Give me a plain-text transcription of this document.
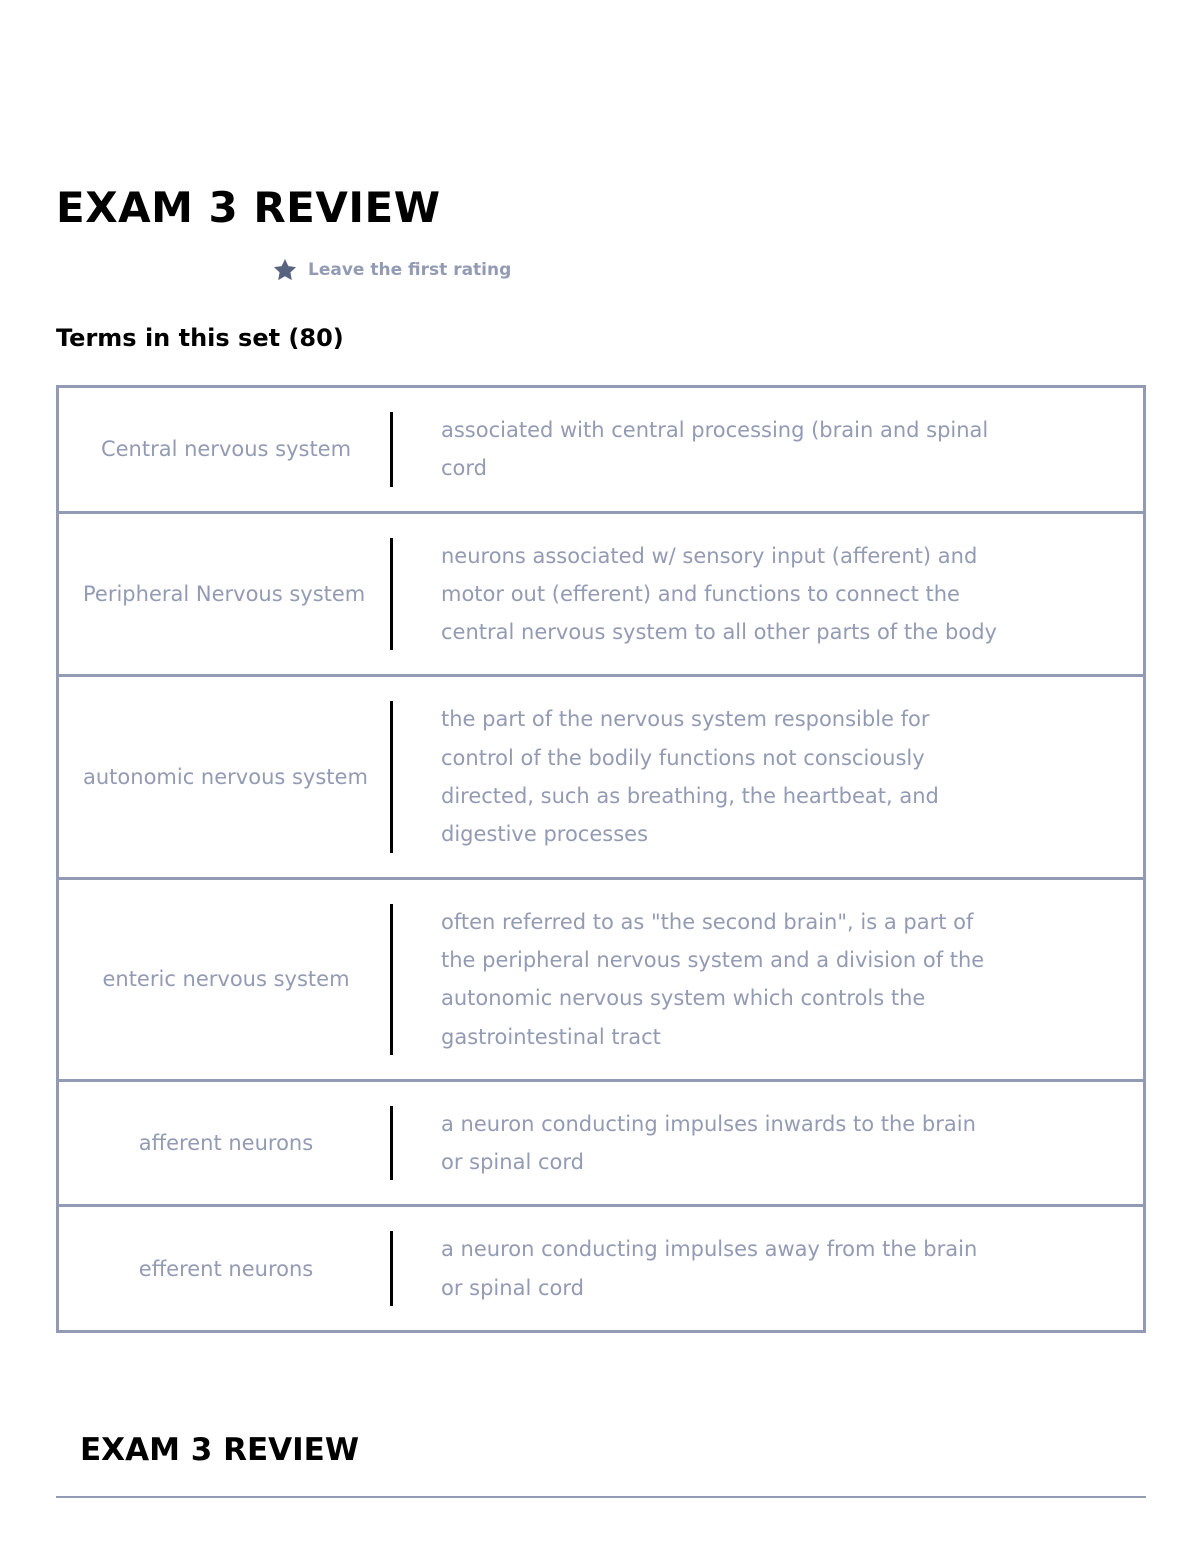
EXAM 3 REVIEW
Leave the first rating
Terms in this set (80)
Central nervous system
associated with central processing (brain and spinal cord
Peripheral Nervous system
neurons associated w/ sensory input (afferent) and motor out (efferent) and functions to connect the central nervous system to all other parts of the body
autonomic nervous system
the part of the nervous system responsible for control of the bodily functions not consciously directed, such as breathing, the heartbeat, and digestive processes
enteric nervous system
often referred to as "the second brain", is a part of the peripheral nervous system and a division of the autonomic nervous system which controls the gastrointestinal tract
afferent neurons
a neuron conducting impulses inwards to the brain or spinal cord
efferent neurons
a neuron conducting impulses away from the brain or spinal cord
EXAM 3 REVIEW
